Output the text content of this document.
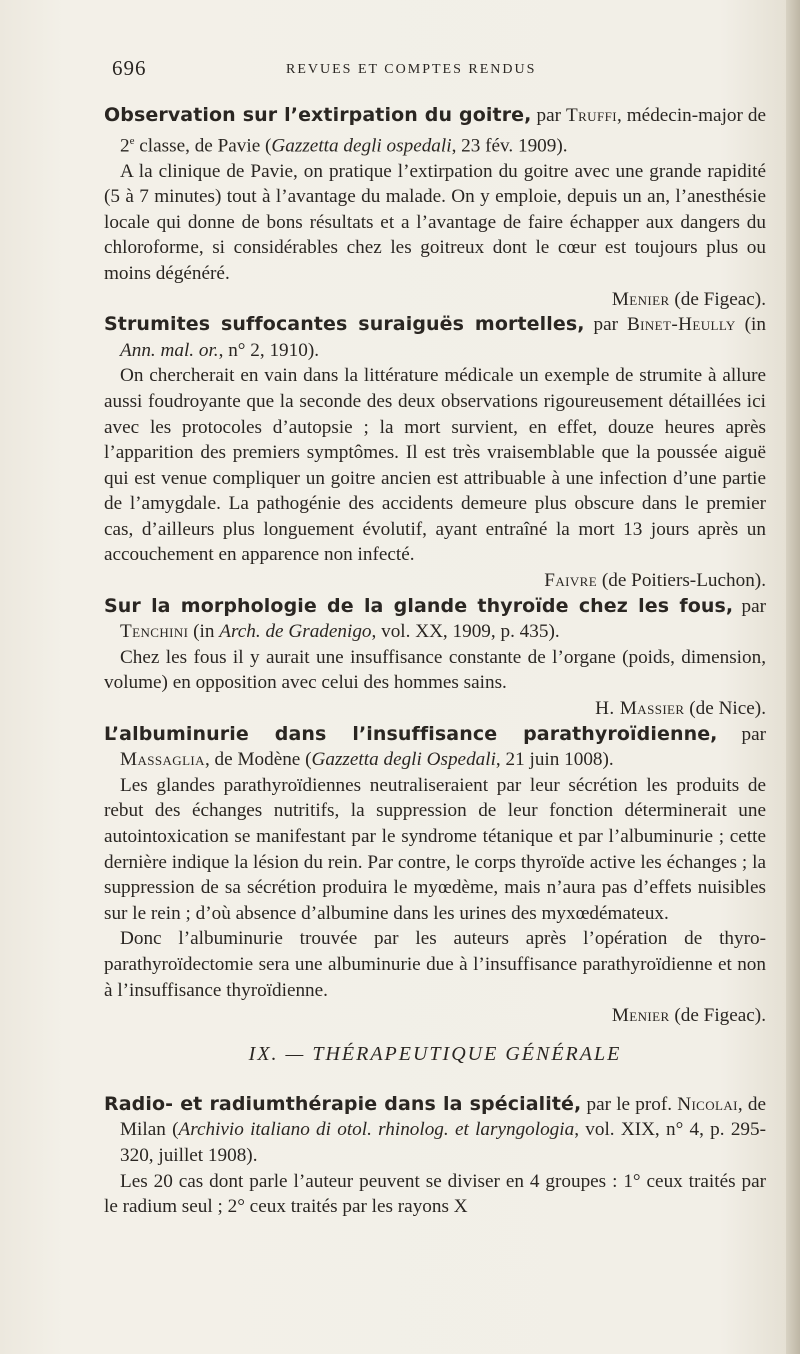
696	REVUES ET COMPTES RENDUS

Observation sur l’extirpation du goitre, par Truffi, médecin-major de 2e classe, de Pavie (Gazzetta degli ospedali, 23 fév. 1909).

A la clinique de Pavie, on pratique l’extirpation du goitre avec une grande rapidité (5 à 7 minutes) tout à l’avantage du malade. On y emploie, depuis un an, l’anesthésie locale qui donne de bons résultats et a l’avantage de faire échapper aux dangers du chloroforme, si considérables chez les goitreux dont le cœur est toujours plus ou moins dégénéré.

Menier (de Figeac).

Strumites suffocantes suraiguës mortelles, par Binet-Heully (in Ann. mal. or., n° 2, 1910).

On chercherait en vain dans la littérature médicale un exemple de strumite à allure aussi foudroyante que la seconde des deux observations rigoureusement détaillées ici avec les protocoles d’autopsie ; la mort survient, en effet, douze heures après l’apparition des premiers symptômes. Il est très vraisemblable que la poussée aiguë qui est venue compliquer un goitre ancien est attribuable à une infection d’une partie de l’amygdale. La pathogénie des accidents demeure plus obscure dans le premier cas, d’ailleurs plus longuement évolutif, ayant entraîné la mort 13 jours après un accouchement en apparence non infecté.

Faivre (de Poitiers-Luchon).

Sur la morphologie de la glande thyroïde chez les fous, par Tenchini (in Arch. de Gradenigo, vol. XX, 1909, p. 435).

Chez les fous il y aurait une insuffisance constante de l’organe (poids, dimension, volume) en opposition avec celui des hommes sains.

H. Massier (de Nice).

L’albuminurie dans l’insuffisance parathyroïdienne, par Massaglia, de Modène (Gazzetta degli Ospedali, 21 juin 1008).

Les glandes parathyroïdiennes neutraliseraient par leur sécrétion les produits de rebut des échanges nutritifs, la suppression de leur fonction déterminerait une autointoxication se manifestant par le syndrome tétanique et par l’albuminurie ; cette dernière indique la lésion du rein. Par contre, le corps thyroïde active les échanges ; la suppression de sa sécrétion produira le myœdème, mais n’aura pas d’effets nuisibles sur le rein ; d’où absence d’albumine dans les urines des myxœdémateux.

Donc l’albuminurie trouvée par les auteurs après l’opération de thyro-parathyroïdectomie sera une albuminurie due à l’insuffisance parathyroïdienne et non à l’insuffisance thyroïdienne.

Menier (de Figeac).

IX. — THÉRAPEUTIQUE GÉNÉRALE

Radio- et radiumthérapie dans la spécialité, par le prof. Nicolai, de Milan (Archivio italiano di otol. rhinolog. et laryngologia, vol. XIX, n° 4, p. 295-320, juillet 1908).

Les 20 cas dont parle l’auteur peuvent se diviser en 4 groupes : 1° ceux traités par le radium seul ; 2° ceux traités par les rayons X
